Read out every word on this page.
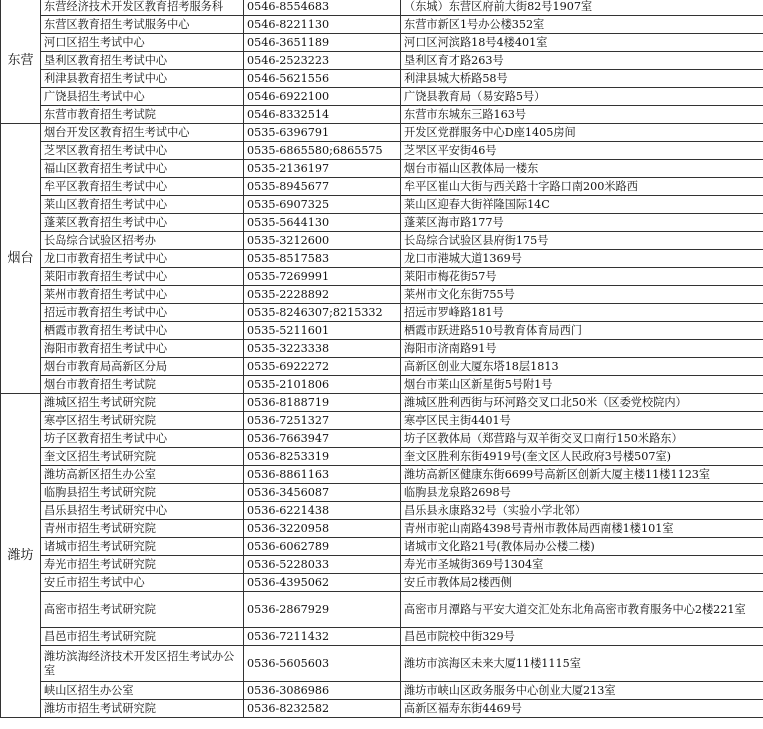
东营	东营经济技术开发区教育招考服务科	0546-8554683	（东城）东营区府前大街82号1907室
	东营区教育招生考试服务中心	0546-8221130	东营市新区1号办公楼352室
	河口区招生考试中心	0546-3651189	河口区河滨路18号4楼401室
	垦利区教育招生考试中心	0546-2523223	垦利区育才路263号
	利津县教育招生考试中心	0546-5621556	利津县城大桥路58号
	广饶县招生考试中心	0546-6922100	广饶县教育局（易安路5号）
	东营市教育招生考试院	0546-8332514	东营市东城东三路163号
烟台	烟台开发区教育招生考试中心	0535-6396791	开发区党群服务中心D座1405房间
	芝罘区教育招生考试中心	0535-6865580;6865575	芝罘区平安街46号
	福山区教育招生考试中心	0535-2136197	烟台市福山区教体局一楼东
	牟平区教育招生考试中心	0535-8945677	牟平区崔山大街与西关路十字路口南200米路西
	莱山区教育招生考试中心	0535-6907325	莱山区迎春大街祥隆国际14C
	蓬莱区教育招生考试中心	0535-5644130	蓬莱区海市路177号
	长岛综合试验区招考办	0535-3212600	长岛综合试验区县府街175号
	龙口市教育招生考试中心	0535-8517583	龙口市港城大道1369号
	莱阳市教育招生考试中心	0535-7269991	莱阳市梅花街57号
	莱州市教育招生考试中心	0535-2228892	莱州市文化东街755号
	招远市教育招生考试中心	0535-8246307;8215332	招远市罗峰路181号
	栖霞市教育招生考试中心	0535-5211601	栖霞市跃进路510号教育体育局西门
	海阳市教育招生考试中心	0535-3223338	海阳市济南路91号
	烟台市教育局高新区分局	0535-6922272	高新区创业大厦东塔18层1813
	烟台市教育招生考试院	0535-2101806	烟台市莱山区新星街5号附1号
潍坊	潍城区招生考试研究院	0536-8188719	潍城区胜利西街与环河路交叉口北50米（区委党校院内）
	寒亭区招生考试研究院	0536-7251327	寒亭区民主街4401号
	坊子区教育招生考试中心	0536-7663947	坊子区教体局（郑营路与双羊街交叉口南行150米路东）
	奎文区招生考试研究院	0536-8253319	奎文区胜利东街4919号(奎文区人民政府3号楼507室)
	潍坊高新区招生办公室	0536-8861163	潍坊高新区健康东街6699号高新区创新大厦主楼11楼1123室
	临朐县招生考试研究院	0536-3456087	临朐县龙泉路2698号
	昌乐县招生考试研究中心	0536-6221438	昌乐县永康路32号（实验小学北邻）
	青州市招生考试研究院	0536-3220958	青州市驼山南路4398号青州市教体局西南楼1楼101室
	诸城市招生考试研究院	0536-6062789	诸城市文化路21号(教体局办公楼二楼)
	寿光市招生考试研究院	0536-5228033	寿光市圣城街369号1304室
	安丘市招生考试中心	0536-4395062	安丘市教体局2楼西侧
	高密市招生考试研究院	0536-2867929	高密市月潭路与平安大道交汇处东北角高密市教育服务中心2楼221室
	昌邑市招生考试研究院	0536-7211432	昌邑市院校中街329号
	潍坊滨海经济技术开发区招生考试办公室	0536-5605603	潍坊市滨海区未来大厦11楼1115室
	峡山区招生办公室	0536-3086986	潍坊市峡山区政务服务中心创业大厦213室
	潍坊市招生考试研究院	0536-8232582	高新区福寿东街4469号
